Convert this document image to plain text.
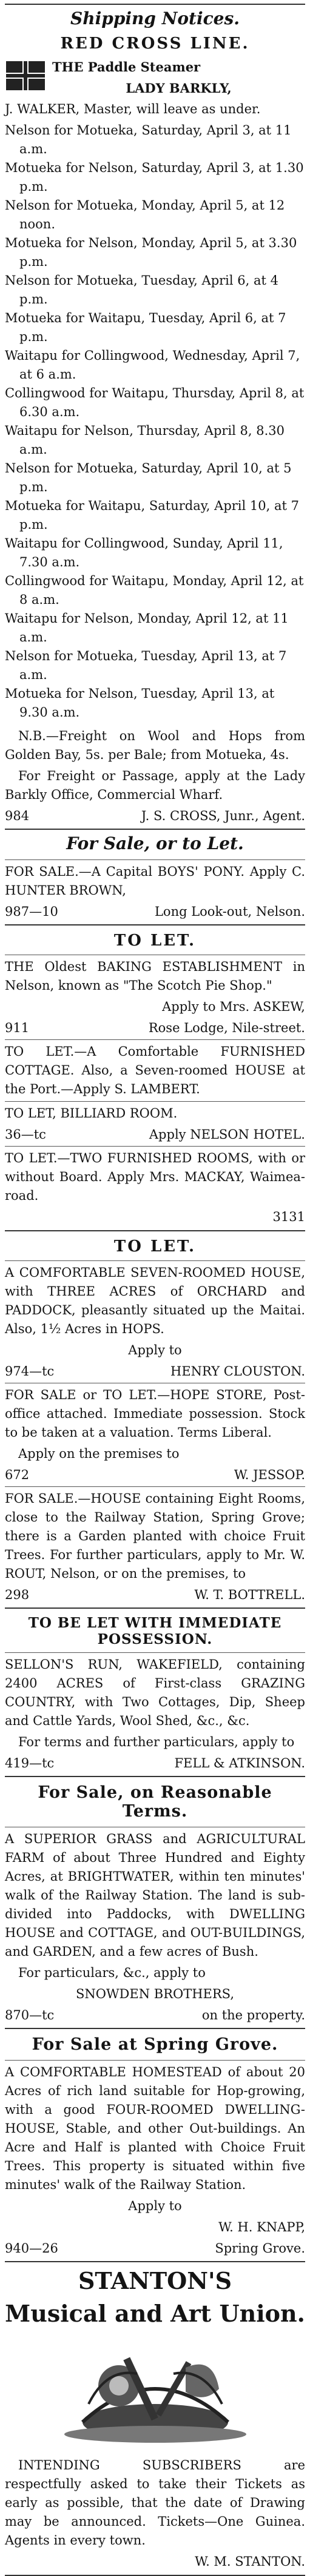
Shipping Notices.
RED CROSS LINE.
THE Paddle Steamer
LADY BARKLY,
J. WALKER, Master, will leave as under.
Nelson for Motueka, Saturday, April 3, at 11 a.m.
Motueka for Nelson, Saturday, April 3, at 1.30 p.m.
Nelson for Motueka, Monday, April 5, at 12 noon.
Motueka for Nelson, Monday, April 5, at 3.30 p.m.
Nelson for Motueka, Tuesday, April 6, at 4 p.m.
Motueka for Waitapu, Tuesday, April 6, at 7 p.m.
Waitapu for Collingwood, Wednesday, April 7, at 6 a.m.
Collingwood for Waitapu, Thursday, April 8, at 6.30 a.m.
Waitapu for Nelson, Thursday, April 8, 8.30 a.m.
Nelson for Motueka, Saturday, April 10, at 5 p.m.
Motueka for Waitapu, Saturday, April 10, at 7 p.m.
Waitapu for Collingwood, Sunday, April 11, 7.30 a.m.
Collingwood for Waitapu, Monday, April 12, at 8 a.m.
Waitapu for Nelson, Monday, April 12, at 11 a.m.
Nelson for Motueka, Tuesday, April 13, at 7 a.m.
Motueka for Nelson, Tuesday, April 13, at 9.30 a.m.
N.B.—Freight on Wool and Hops from Golden Bay, 5s. per Bale; from Motueka, 4s.
For Freight or Passage, apply at the Lady Barkly Office, Commercial Wharf.
984	J. S. CROSS, Junr., Agent.
For Sale, or to Let.
FOR SALE.—A Capital BOYS' PONY. Apply C. HUNTER BROWN,
987—10	Long Look-out, Nelson.
TO LET.
THE Oldest BAKING ESTABLISHMENT in Nelson, known as "The Scotch Pie Shop."
Apply to Mrs. ASKEW,
911	Rose Lodge, Nile-street.
TO LET.—A Comfortable FURNISHED COTTAGE. Also, a Seven-roomed HOUSE at the Port.—Apply S. LAMBERT.
TO LET, BILLIARD ROOM.
36—tc	Apply NELSON HOTEL.
TO LET.—TWO FURNISHED ROOMS, with or without Board. Apply Mrs. MACKAY, Waimea-road.
3131
TO LET.
A COMFORTABLE SEVEN-ROOMED HOUSE, with THREE ACRES of ORCHARD and PADDOCK, pleasantly situated up the Maitai. Also, 1½ Acres in HOPS.
Apply to
974—tc	HENRY CLOUSTON.
FOR SALE or TO LET.—HOPE STORE, Post-office attached. Immediate possession. Stock to be taken at a valuation. Terms Liberal.
Apply on the premises to
672	W. JESSOP.
FOR SALE.—HOUSE containing Eight Rooms, close to the Railway Station, Spring Grove; there is a Garden planted with choice Fruit Trees. For further particulars, apply to Mr. W. ROUT, Nelson, or on the premises, to
298	W. T. BOTTRELL.
TO BE LET WITH IMMEDIATE POSSESSION.
SELLON'S RUN, WAKEFIELD, containing 2400 ACRES of First-class GRAZING COUNTRY, with Two Cottages, Dip, Sheep and Cattle Yards, Wool Shed, &c., &c.
For terms and further particulars, apply to
419—tc	FELL & ATKINSON.
For Sale, on Reasonable Terms.
A SUPERIOR GRASS and AGRICULTURAL FARM of about Three Hundred and Eighty Acres, at BRIGHTWATER, within ten minutes' walk of the Railway Station. The land is sub-divided into Paddocks, with DWELLING HOUSE and COTTAGE, and OUT-BUILDINGS, and GARDEN, and a few acres of Bush.
For particulars, &c., apply to
SNOWDEN BROTHERS,
870—tc	on the property.
For Sale at Spring Grove.
A COMFORTABLE HOMESTEAD of about 20 Acres of rich land suitable for Hop-growing, with a good FOUR-ROOMED DWELLING-HOUSE, Stable, and other Out-buildings. An Acre and Half is planted with Choice Fruit Trees. This property is situated within five minutes' walk of the Railway Station.
Apply to
W. H. KNAPP,
940—26	Spring Grove.
STANTON'S
Musical and Art Union.
INTENDING SUBSCRIBERS are respectfully asked to take their Tickets as early as possible, that the date of Drawing may be announced. Tickets—One Guinea. Agents in every town.
W. M. STANTON.
